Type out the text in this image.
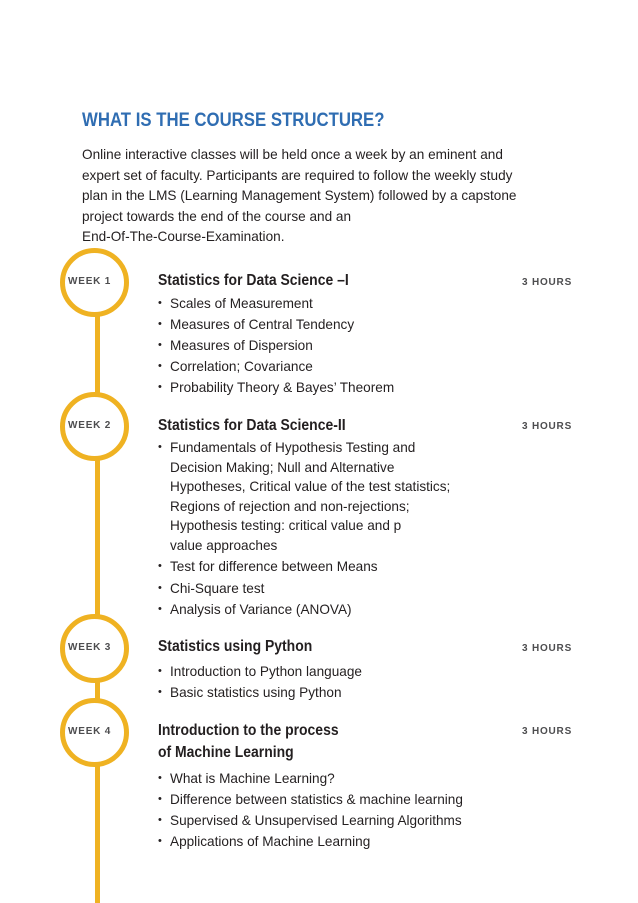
WHAT IS THE COURSE STRUCTURE?
Online interactive classes will be held once a week by an eminent and
expert set of faculty. Participants are required to follow the weekly study
plan in the LMS (Learning Management System) followed by a capstone
project towards the end of the course and an
End-Of-The-Course-Examination.
WEEK 1	Statistics for Data Science –I	3 HOURS
• Scales of Measurement
• Measures of Central Tendency
• Measures of Dispersion
• Correlation; Covariance
• Probability Theory & Bayes’ Theorem
WEEK 2	Statistics for Data Science-II	3 HOURS
• Fundamentals of Hypothesis Testing and
Decision Making; Null and Alternative
Hypotheses, Critical value of the test statistics;
Regions of rejection and non-rejections;
Hypothesis testing: critical value and p
value approaches
• Test for difference between Means
• Chi-Square test
• Analysis of Variance (ANOVA)
WEEK 3	Statistics using Python	3 HOURS
• Introduction to Python language
• Basic statistics using Python
WEEK 4	Introduction to the process
of Machine Learning
3 HOURS
• What is Machine Learning?
• Difference between statistics & machine learning
• Supervised & Unsupervised Learning Algorithms
• Applications of Machine Learning
